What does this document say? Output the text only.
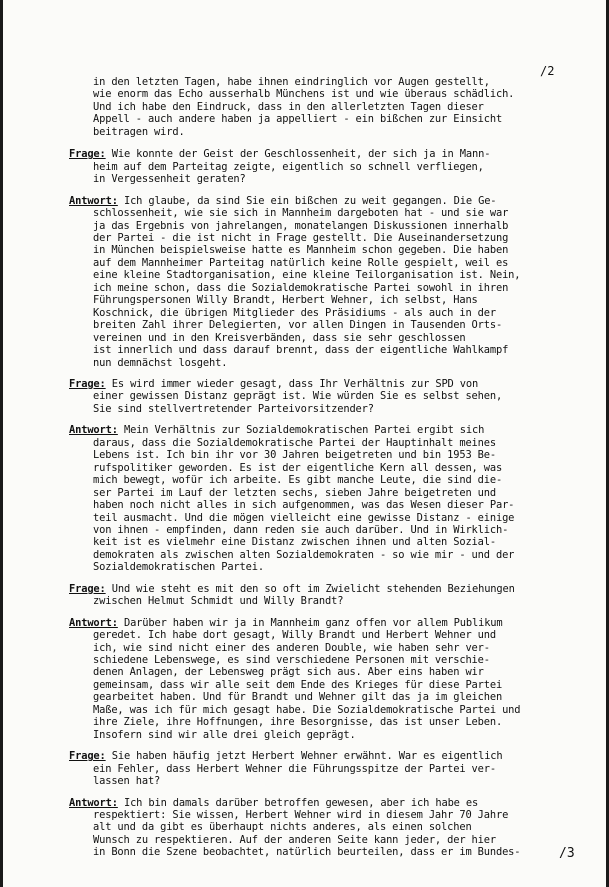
/2
in den letzten Tagen, habe ihnen eindringlich vor Augen gestellt,
wie enorm das Echo ausserhalb Münchens ist und wie überaus schädlich.
Und ich habe den Eindruck, dass in den allerletzten Tagen dieser
Appell - auch andere haben ja appelliert - ein bißchen zur Einsicht
beitragen wird.
Frage: Wie konnte der Geist der Geschlossenheit, der sich ja in Mann-
heim auf dem Parteitag zeigte, eigentlich so schnell verfliegen,
in Vergessenheit geraten?
Antwort: Ich glaube, da sind Sie ein bißchen zu weit gegangen. Die Ge-
schlossenheit, wie sie sich in Mannheim dargeboten hat - und sie war
ja das Ergebnis von jahrelangen, monatelangen Diskussionen innerhalb
der Partei - die ist nicht in Frage gestellt. Die Auseinandersetzung
in München beispielsweise hatte es Mannheim schon gegeben. Die haben
auf dem Mannheimer Parteitag natürlich keine Rolle gespielt, weil es
eine kleine Stadtorganisation, eine kleine Teilorganisation ist. Nein,
ich meine schon, dass die Sozialdemokratische Partei sowohl in ihren
Führungspersonen Willy Brandt, Herbert Wehner, ich selbst, Hans
Koschnick, die übrigen Mitglieder des Präsidiums - als auch in der
breiten Zahl ihrer Delegierten, vor allen Dingen in Tausenden Orts-
vereinen und in den Kreisverbänden, dass sie sehr geschlossen
ist innerlich und dass darauf brennt, dass der eigentliche Wahlkampf
nun demnächst losgeht.
Frage: Es wird immer wieder gesagt, dass Ihr Verhältnis zur SPD von
einer gewissen Distanz geprägt ist. Wie würden Sie es selbst sehen,
Sie sind stellvertretender Parteivorsitzender?
Antwort: Mein Verhältnis zur Sozialdemokratischen Partei ergibt sich
daraus, dass die Sozialdemokratische Partei der Hauptinhalt meines
Lebens ist. Ich bin ihr vor 30 Jahren beigetreten und bin 1953 Be-
rufspolitiker geworden. Es ist der eigentliche Kern all dessen, was
mich bewegt, wofür ich arbeite. Es gibt manche Leute, die sind die-
ser Partei im Lauf der letzten sechs, sieben Jahre beigetreten und
haben noch nicht alles in sich aufgenommen, was das Wesen dieser Par-
teil ausmacht. Und die mögen vielleicht eine gewisse Distanz - einige
von ihnen - empfinden, dann reden sie auch darüber. Und in Wirklich-
keit ist es vielmehr eine Distanz zwischen ihnen und alten Sozial-
demokraten als zwischen alten Sozialdemokraten - so wie mir - und der
Sozialdemokratischen Partei.
Frage: Und wie steht es mit den so oft im Zwielicht stehenden Beziehungen
zwischen Helmut Schmidt und Willy Brandt?
Antwort: Darüber haben wir ja in Mannheim ganz offen vor allem Publikum
geredet. Ich habe dort gesagt, Willy Brandt und Herbert Wehner und
ich, wie sind nicht einer des anderen Double, wie haben sehr ver-
schiedene Lebenswege, es sind verschiedene Personen mit verschie-
denen Anlagen, der Lebensweg prägt sich aus. Aber eins haben wir
gemeinsam, dass wir alle seit dem Ende des Krieges für diese Partei
gearbeitet haben. Und für Brandt und Wehner gilt das ja im gleichen
Maße, was ich für mich gesagt habe. Die Sozialdemokratische Partei und
ihre Ziele, ihre Hoffnungen, ihre Besorgnisse, das ist unser Leben.
Insofern sind wir alle drei gleich geprägt.
Frage: Sie haben häufig jetzt Herbert Wehner erwähnt. War es eigentlich
ein Fehler, dass Herbert Wehner die Führungsspitze der Partei ver-
lassen hat?
Antwort: Ich bin damals darüber betroffen gewesen, aber ich habe es
respektiert: Sie wissen, Herbert Wehner wird in diesem Jahr 70 Jahre
alt und da gibt es überhaupt nichts anderes, als einen solchen
Wunsch zu respektieren. Auf der anderen Seite kann jeder, der hier
in Bonn die Szene beobachtet, natürlich beurteilen, dass er im Bundes-	/3
